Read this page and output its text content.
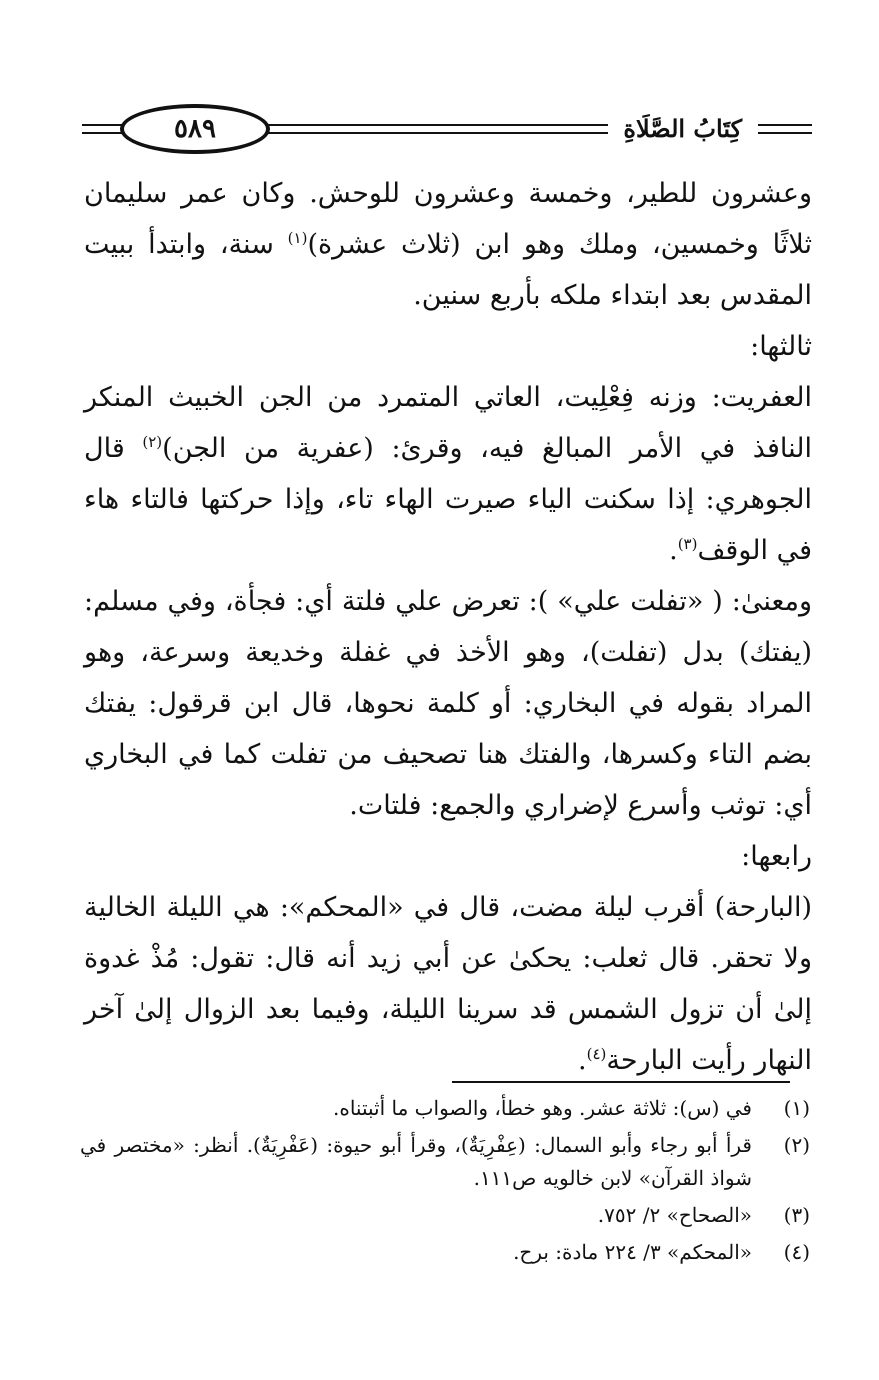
٥٨٩	كِتَابُ الصَّلَاةِ

وعشرون للطير، وخمسة وعشرون للوحش. وكان عمر سليمان ثلاثًا وخمسين، وملك وهو ابن (ثلاث عشرة)$^{(١)}$ سنة، وابتدأ ببيت المقدس بعد ابتداء ملكه بأربع سنين.

ثالثها:

العفريت: وزنه فِعْلِيت، العاتي المتمرد من الجن الخبيث المنكر النافذ في الأمر المبالغ فيه، وقرئ: (عفرية من الجن)$^{(٢)}$ قال الجوهري: إذا سكنت الياء صيرت الهاء تاء، وإذا حركتها فالتاء هاء في الوقف$^{(٣)}$.

ومعنىٰ: ( «تفلت علي» ): تعرض علي فلتة أي: فجأة، وفي مسلم: (يفتك) بدل (تفلت)، وهو الأخذ في غفلة وخديعة وسرعة، وهو المراد بقوله في البخاري: أو كلمة نحوها، قال ابن قرقول: يفتك بضم التاء وكسرها، والفتك هنا تصحيف من تفلت كما في البخاري أي: توثب وأسرع لإضراري والجمع: فلتات.

رابعها:

(البارحة) أقرب ليلة مضت، قال في «المحكم»: هي الليلة الخالية ولا تحقر. قال ثعلب: يحكىٰ عن أبي زيد أنه قال: تقول: مُذْ غدوة إلىٰ أن تزول الشمس قد سرينا الليلة، وفيما بعد الزوال إلىٰ آخر النهار رأيت البارحة$^{(٤)}$.

(١)
في (س): ثلاثة عشر. وهو خطأ، والصواب ما أثبتناه.
(٢)
قرأ أبو رجاء وأبو السمال: (عِفْرِيَةٌ)، وقرأ أبو حيوة: (عَفْرِيَةٌ). أنظر: «مختصر في شواذ القرآن» لابن خالويه ص١١١.
(٣)
«الصحاح» ٢/ ٧٥٢.
(٤)
«المحكم» ٣/ ٢٢٤ مادة: برح.
